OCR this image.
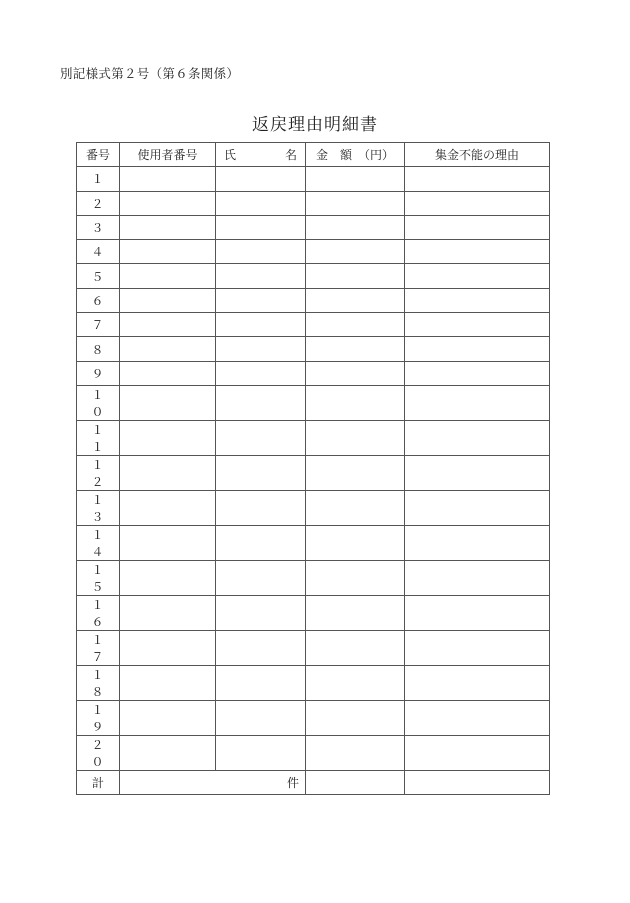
別記様式第２号（第６条関係）
返戻理由明細書
番号	使用者番号	氏 名	金　額　（円）	集金不能の理由
１				
２				
３				
４				
５				
６				
７				
８				
９				
１ ０				
１ １				
１ ２				
１ ３				
１ ４				
１ ５				
１ ６				
１ ７				
１ ８				
１ ９				
２ ０				
計	件			
